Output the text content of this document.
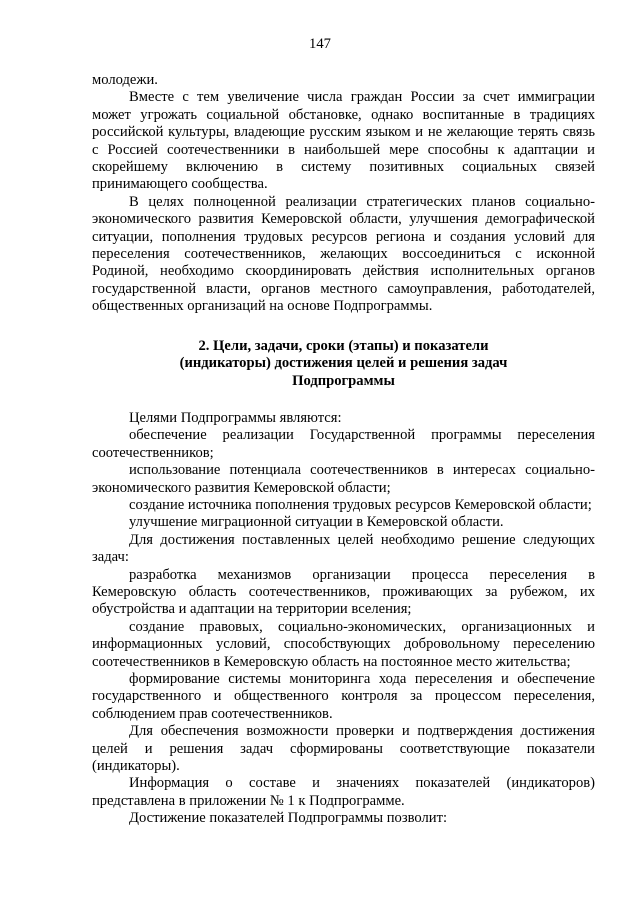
147

молодежи.

Вместе с тем увеличение числа граждан России за счет иммиграции может угрожать социальной обстановке, однако воспитанные в традициях российской культуры, владеющие русским языком и не желающие терять связь с Россией соотечественники в наибольшей мере способны к адаптации и скорейшему включению в систему позитивных социальных связей принимающего сообщества.

В целях полноценной реализации стратегических планов социально-экономического развития Кемеровской области, улучшения демографической ситуации, пополнения трудовых ресурсов региона и создания условий для переселения соотечественников, желающих воссоединиться с исконной Родиной, необходимо скоординировать действия исполнительных органов государственной власти, органов местного самоуправления, работодателей, общественных организаций на основе Подпрограммы.

2. Цели, задачи, сроки (этапы) и показатели
(индикаторы) достижения целей и решения задач
Подпрограммы

Целями Подпрограммы являются:

обеспечение реализации Государственной программы переселения соотечественников;

использование потенциала соотечественников в интересах социально-экономического развития Кемеровской области;

создание источника пополнения трудовых ресурсов Кемеровской области;

улучшение миграционной ситуации в Кемеровской области.

Для достижения поставленных целей необходимо решение следующих задач:

разработка механизмов организации процесса переселения в Кемеровскую область соотечественников, проживающих за рубежом, их обустройства и адаптации на территории вселения;

создание правовых, социально-экономических, организационных и информационных условий, способствующих добровольному переселению соотечественников в Кемеровскую область на постоянное место жительства;

формирование системы мониторинга хода переселения и обеспечение государственного и общественного контроля за процессом переселения, соблюдением прав соотечественников.

Для обеспечения возможности проверки и подтверждения достижения целей и решения задач сформированы соответствующие показатели (индикаторы).

Информация о составе и значениях показателей (индикаторов) представлена в приложении № 1 к Подпрограмме.

Достижение показателей Подпрограммы позволит:
